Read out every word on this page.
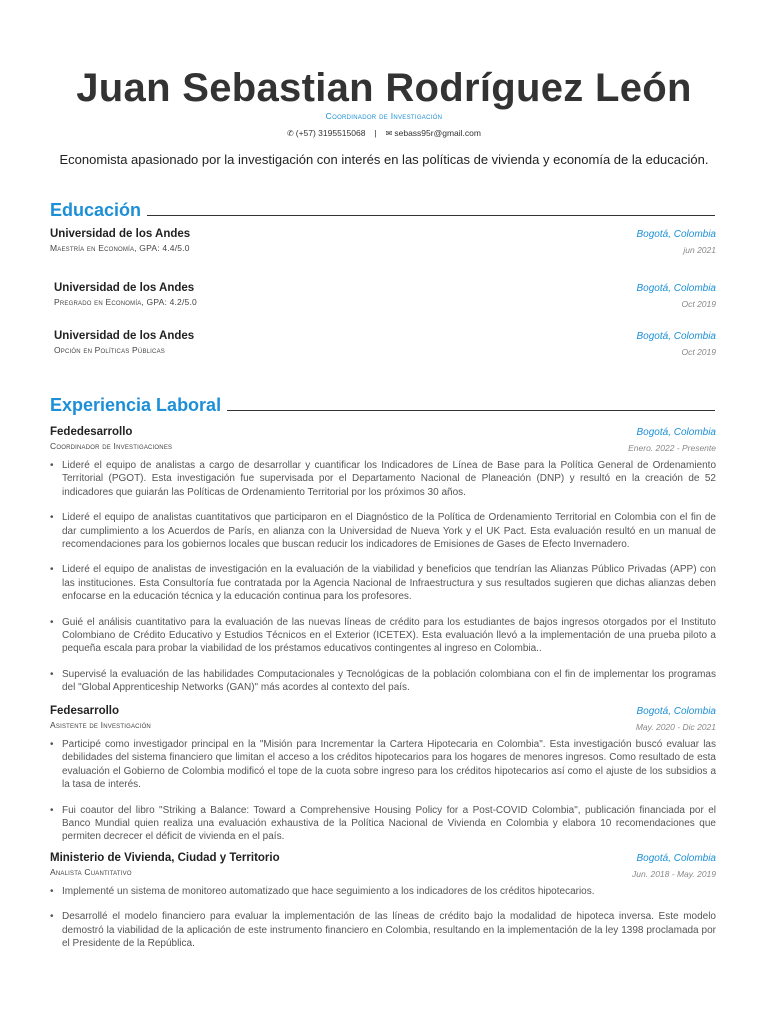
Juan Sebastian Rodríguez León
Coordinador de Investigación
✆ (+57) 3195515068 | ✉ sebass95r@gmail.com
Economista apasionado por la investigación con interés en las políticas de vivienda y economía de la educación.
Educación
Universidad de los Andes	Bogotá, Colombia
Maestría en Economía, GPA: 4.4/5.0	jun 2021
Universidad de los Andes	Bogotá, Colombia
Pregrado en Economía, GPA: 4.2/5.0	Oct 2019
Universidad de los Andes	Bogotá, Colombia
Opción en Políticas Públicas	Oct 2019
Experiencia Laboral
Fededesarrollo	Bogotá, Colombia
Coordinador de Investigaciones	Enero. 2022 - Presente
• Lideré el equipo de analistas a cargo de desarrollar y cuantificar los Indicadores de Línea de Base para la Política General de Ordenamiento Territorial (PGOT). Esta investigación fue supervisada por el Departamento Nacional de Planeación (DNP) y resultó en la creación de 52 indicadores que guiarán las Políticas de Ordenamiento Territorial por los próximos 30 años.
• Lideré el equipo de analistas cuantitativos que participaron en el Diagnóstico de la Política de Ordenamiento Territorial en Colombia con el fin de dar cumplimiento a los Acuerdos de París, en alianza con la Universidad de Nueva York y el UK Pact. Esta evaluación resultó en un manual de recomendaciones para los gobiernos locales que buscan reducir los indicadores de Emisiones de Gases de Efecto Invernadero.
• Lideré el equipo de analistas de investigación en la evaluación de la viabilidad y beneficios que tendrían las Alianzas Público Privadas (APP) con las instituciones. Esta Consultoría fue contratada por la Agencia Nacional de Infraestructura y sus resultados sugieren que dichas alianzas deben enfocarse en la educación técnica y la educación continua para los profesores.
• Guié el análisis cuantitativo para la evaluación de las nuevas líneas de crédito para los estudiantes de bajos ingresos otorgados por el Instituto Colombiano de Crédito Educativo y Estudios Técnicos en el Exterior (ICETEX). Esta evaluación llevó a la implementación de una prueba piloto a pequeña escala para probar la viabilidad de los préstamos educativos contingentes al ingreso en Colombia..
• Supervisé la evaluación de las habilidades Computacionales y Tecnológicas de la población colombiana con el fin de implementar los programas del "Global Apprenticeship Networks (GAN)" más acordes al contexto del país.
Fedesarrollo	Bogotá, Colombia
Asistente de Investigación	May. 2020 - Dic 2021
• Participé como investigador principal en la "Misión para Incrementar la Cartera Hipotecaria en Colombia". Esta investigación buscó evaluar las debilidades del sistema financiero que limitan el acceso a los créditos hipotecarios para los hogares de menores ingresos. Como resultado de esta evaluación el Gobierno de Colombia modificó el tope de la cuota sobre ingreso para los créditos hipotecarios así como el ajuste de los subsidios a la tasa de interés.
• Fui coautor del libro "Striking a Balance: Toward a Comprehensive Housing Policy for a Post-COVID Colombia", publicación financiada por el Banco Mundial quien realiza una evaluación exhaustiva de la Política Nacional de Vivienda en Colombia y elabora 10 recomendaciones que permiten decrecer el déficit de vivienda en el país.
Ministerio de Vivienda, Ciudad y Territorio	Bogotá, Colombia
Analista Cuantitativo	Jun. 2018 - May. 2019
• Implementé un sistema de monitoreo automatizado que hace seguimiento a los indicadores de los créditos hipotecarios.
• Desarrollé el modelo financiero para evaluar la implementación de las líneas de crédito bajo la modalidad de hipoteca inversa. Este modelo demostró la viabilidad de la aplicación de este instrumento financiero en Colombia, resultando en la implementación de la ley 1398 proclamada por el Presidente de la República.
